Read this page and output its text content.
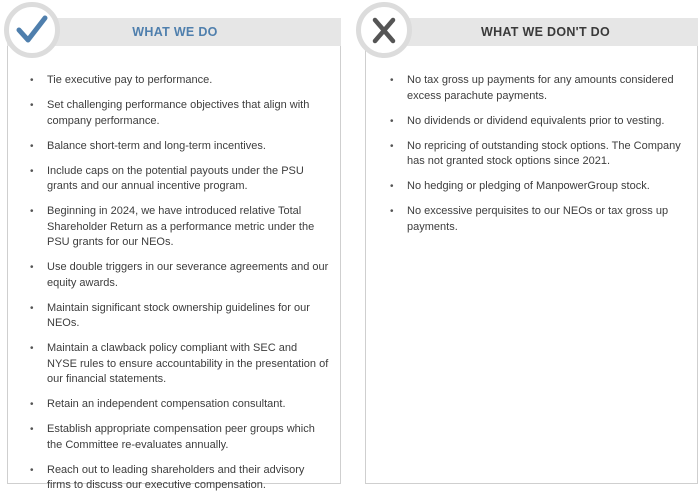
WHAT WE DO	WHAT WE DON'T DO
• Tie executive pay to performance.
• Set challenging performance objectives that align with company performance.
• Balance short-term and long-term incentives.
• Include caps on the potential payouts under the PSU grants and our annual incentive program.
• Beginning in 2024, we have introduced relative Total Shareholder Return as a performance metric under the PSU grants for our NEOs.
• Use double triggers in our severance agreements and our equity awards.
• Maintain significant stock ownership guidelines for our NEOs.
• Maintain a clawback policy compliant with SEC and NYSE rules to ensure accountability in the presentation of our financial statements.
• Retain an independent compensation consultant.
• Establish appropriate compensation peer groups which the Committee re-evaluates annually.
• Reach out to leading shareholders and their advisory firms to discuss our executive compensation.
• No tax gross up payments for any amounts considered excess parachute payments.
• No dividends or dividend equivalents prior to vesting.
• No repricing of outstanding stock options. The Company has not granted stock options since 2021.
• No hedging or pledging of ManpowerGroup stock.
• No excessive perquisites to our NEOs or tax gross up payments.
